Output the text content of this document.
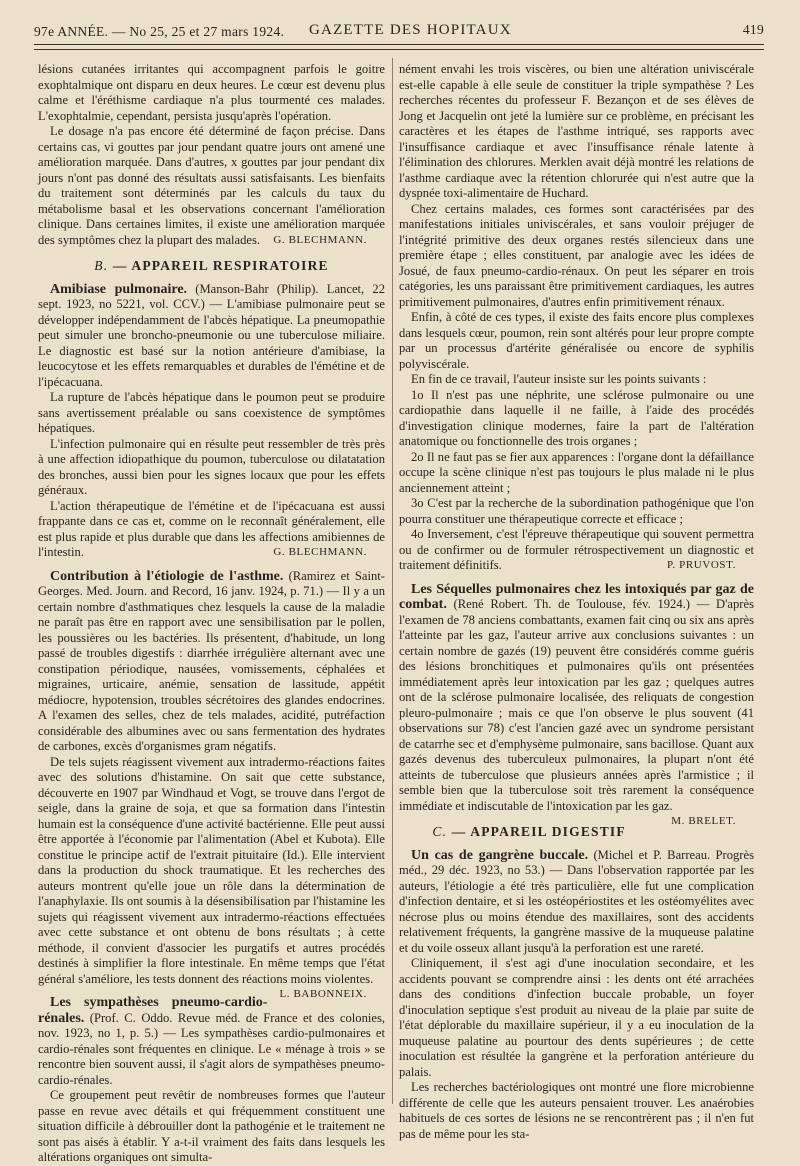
97e ANNÉE. — No 25, 25 et 27 mars 1924. GAZETTE DES HOPITAUX	419

lésions cutanées irritantes qui accompagnent parfois le goitre exophtalmique ont disparu en deux heures. Le cœur est devenu plus calme et l'éréthisme cardiaque n'a plus tourmenté ces malades. L'exophtalmie, cependant, persista jusqu'après l'opération.

Le dosage n'a pas encore été déterminé de façon précise. Dans certains cas, vi gouttes par jour pendant quatre jours ont amené une amélioration marquée. Dans d'autres, x gouttes par jour pendant dix jours n'ont pas donné des résultats aussi satisfaisants. Les bienfaits du traitement sont déterminés par les calculs du taux du métabolisme basal et les observations concernant l'amélioration clinique. Dans certaines limites, il existe une amélioration marquée des symptômes chez la plupart des malades.	G. BLECHMANN.

B. — APPAREIL RESPIRATOIRE

Amibiase pulmonaire. (Manson-Bahr (Philip). Lancet, 22 sept. 1923, no 5221, vol. CCV.) — L'amibiase pulmonaire peut se développer indépendamment de l'abcès hépatique. La pneumopathie peut simuler une broncho-pneumonie ou une tuberculose miliaire. Le diagnostic est basé sur la notion antérieure d'amibiase, la leucocytose et les effets remarquables et durables de l'émétine et de l'ipécacuana.

La rupture de l'abcès hépatique dans le poumon peut se produire sans avertissement préalable ou sans coexistence de symptômes hépatiques.

L'infection pulmonaire qui en résulte peut ressembler de très près à une affection idiopathique du poumon, tuberculose ou dilatatation des bronches, aussi bien pour les signes locaux que pour les effets généraux.

L'action thérapeutique de l'émétine et de l'ipécacuana est aussi frappante dans ce cas et, comme on le reconnaît généralement, elle est plus rapide et plus durable que dans les affections amibiennes de l'intestin.	G. BLECHMANN.

Contribution à l'étiologie de l'asthme. (Ramirez et Saint-Georges. Med. Journ. and Record, 16 janv. 1924, p. 71.) — Il y a un certain nombre d'asthmatiques chez lesquels la cause de la maladie ne paraît pas être en rapport avec une sensibilisation par le pollen, les poussières ou les bactéries. Ils présentent, d'habitude, un long passé de troubles digestifs : diarrhée irrégulière alternant avec une constipation périodique, nausées, vomissements, céphalées et migraines, urticaire, anémie, sensation de lassitude, appétit médiocre, hypotension, troubles sécrétoires des glandes endocrines. A l'examen des selles, chez de tels malades, acidité, putréfaction considérable des albumines avec ou sans fermentation des hydrates de carbones, excès d'organismes gram négatifs.

De tels sujets réagissent vivement aux intradermo-réactions faites avec des solutions d'histamine. On sait que cette substance, découverte en 1907 par Windhaud et Vogt, se trouve dans l'ergot de seigle, dans la graine de soja, et que sa formation dans l'intestin humain est la conséquence d'une activité bactérienne. Elle peut aussi être apportée à l'économie par l'alimentation (Abel et Kubota). Elle constitue le principe actif de l'extrait pituitaire (Id.). Elle intervient dans la production du shock traumatique. Et les recherches des auteurs montrent qu'elle joue un rôle dans la détermination de l'anaphylaxie. Ils ont soumis à la désensibilisation par l'histamine les sujets qui réagissent vivement aux intradermo-réactions effectuées avec cette substance et ont obtenu de bons résultats ; à cette méthode, il convient d'associer les purgatifs et autres procédés destinés à simplifier la flore intestinale. En même temps que l'état général s'améliore, les tests donnent des réactions moins violentes.
L. BABONNEIX.

Les sympathèses pneumo-cardio-rénales. (Prof. C. Oddo. Revue méd. de France et des colonies, nov. 1923, no 1, p. 5.) — Les sympathèses cardio-pulmonaires et cardio-rénales sont fréquentes en clinique. Le « ménage à trois » se rencontre bien souvent aussi, il s'agit alors de sympathèses pneumo-cardio-rénales.

Ce groupement peut revêtir de nombreuses formes que l'auteur passe en revue avec détails et qui fréquemment constituent une situation difficile à débrouiller dont la pathogénie et le traitement ne sont pas aisés à établir. Y a-t-il vraiment des faits dans lesquels les altérations organiques ont simulta-

nément envahi les trois viscères, ou bien une altération univiscérale est-elle capable à elle seule de constituer la triple sympathèse ? Les recherches récentes du professeur F. Bezançon et de ses élèves de Jong et Jacquelin ont jeté la lumière sur ce problème, en précisant les caractères et les étapes de l'asthme intriqué, ses rapports avec l'insuffisance cardiaque et avec l'insuffisance rénale latente à l'élimination des chlorures. Merklen avait déjà montré les relations de l'asthme cardiaque avec la rétention chlorurée qui n'est autre que la dyspnée toxi-alimentaire de Huchard.

Chez certains malades, ces formes sont caractérisées par des manifestations initiales univiscérales, et sans vouloir préjuger de l'intégrité primitive des deux organes restés silencieux dans une première étape ; elles constituent, par analogie avec les idées de Josué, de faux pneumo-cardio-rénaux. On peut les séparer en trois catégories, les uns paraissant être primitivement cardiaques, les autres primitivement pulmonaires, d'autres enfin primitivement rénaux.

Enfin, à côté de ces types, il existe des faits encore plus complexes dans lesquels cœur, poumon, rein sont altérés pour leur propre compte par un processus d'artérite généralisée ou encore de syphilis polyviscérale.

En fin de ce travail, l'auteur insiste sur les points suivants :

1o Il n'est pas une néphrite, une sclérose pulmonaire ou une cardiopathie dans laquelle il ne faille, à l'aide des procédés d'investigation clinique modernes, faire la part de l'altération anatomique ou fonctionnelle des trois organes ;

2o Il ne faut pas se fier aux apparences : l'organe dont la défaillance occupe la scène clinique n'est pas toujours le plus malade ni le plus anciennement atteint ;

3o C'est par la recherche de la subordination pathogénique que l'on pourra constituer une thérapeutique correcte et efficace ;

4o Inversement, c'est l'épreuve thérapeutique qui souvent permettra ou de confirmer ou de formuler rétrospectivement un diagnostic et traitement définitifs.	P. PRUVOST.

Les Séquelles pulmonaires chez les intoxiqués par gaz de combat. (René Robert. Th. de Toulouse, fév. 1924.) — D'après l'examen de 78 anciens combattants, examen fait cinq ou six ans après l'atteinte par les gaz, l'auteur arrive aux conclusions suivantes : un certain nombre de gazés (19) peuvent être considérés comme guéris des lésions bronchitiques et pulmonaires qu'ils ont présentées immédiatement après leur intoxication par les gaz ; quelques autres ont de la sclérose pulmonaire localisée, des reliquats de congestion pleuro-pulmonaire ; mais ce que l'on observe le plus souvent (41 observations sur 78) c'est l'ancien gazé avec un syndrome persistant de catarrhe sec et d'emphysème pulmonaire, sans bacillose. Quant aux gazés devenus des tuberculeux pulmonaires, la plupart n'ont été atteints de tuberculose que plusieurs années après l'armistice ; il semble bien que la tuberculose soit très rarement la conséquence immédiate et indiscutable de l'intoxication par les gaz.
M. BRELET.

C. — APPAREIL DIGESTIF

Un cas de gangrène buccale. (Michel et P. Barreau. Progrès méd., 29 déc. 1923, no 53.) — Dans l'observation rapportée par les auteurs, l'étiologie a été très particulière, elle fut une complication d'infection dentaire, et si les ostéopériostites et les ostéomyélites avec nécrose plus ou moins étendue des maxillaires, sont des accidents relativement fréquents, la gangrène massive de la muqueuse palatine et du voile osseux allant jusqu'à la perforation est une rareté.

Cliniquement, il s'est agi d'une inoculation secondaire, et les accidents pouvant se comprendre ainsi : les dents ont été arrachées dans des conditions d'infection buccale probable, un foyer d'inoculation septique s'est produit au niveau de la plaie par suite de l'état déplorable du maxillaire supérieur, il y a eu inoculation de la muqueuse palatine au pourtour des dents supérieures ; de cette inoculation est résultée la gangrène et la perforation antérieure du palais.

Les recherches bactériologiques ont montré une flore microbienne différente de celle que les auteurs pensaient trouver. Les anaérobies habituels de ces sortes de lésions ne se rencontrèrent pas ; il n'en fut pas de même pour les sta-
